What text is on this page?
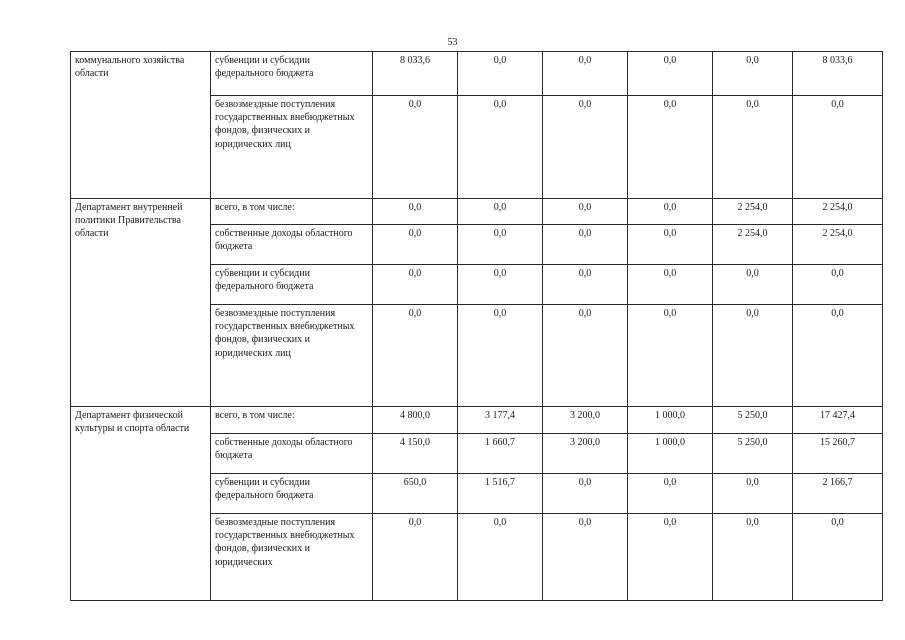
53
коммунального хозяйства области	субвенции и субсидии федерального бюджета	8 033,6	0,0	0,0	0,0	0,0	8 033,6
	безвозмездные поступления государственных внебюджетных фондов, физических и юридических лиц	0,0	0,0	0,0	0,0	0,0	0,0
Департамент внутренней политики Правительства области	всего, в том числе:	0,0	0,0	0,0	0,0	2 254,0	2 254,0
	собственные доходы областного бюджета	0,0	0,0	0,0	0,0	2 254,0	2 254,0
	субвенции и субсидии федерального бюджета	0,0	0,0	0,0	0,0	0,0	0,0
	безвозмездные поступления государственных внебюджетных фондов, физических и юридических лиц	0,0	0,0	0,0	0,0	0,0	0,0
Департамент физической культуры и спорта области	всего, в том числе:	4 800,0	3 177,4	3 200,0	1 000,0	5 250,0	17 427,4
	собственные доходы областного бюджета	4 150,0	1 660,7	3 200,0	1 000,0	5 250,0	15 260,7
	субвенции и субсидии федерального бюджета	650,0	1 516,7	0,0	0,0	0,0	2 166,7
	безвозмездные поступления государственных внебюджетных фондов, физических и юридических	0,0	0,0	0,0	0,0	0,0	0,0
